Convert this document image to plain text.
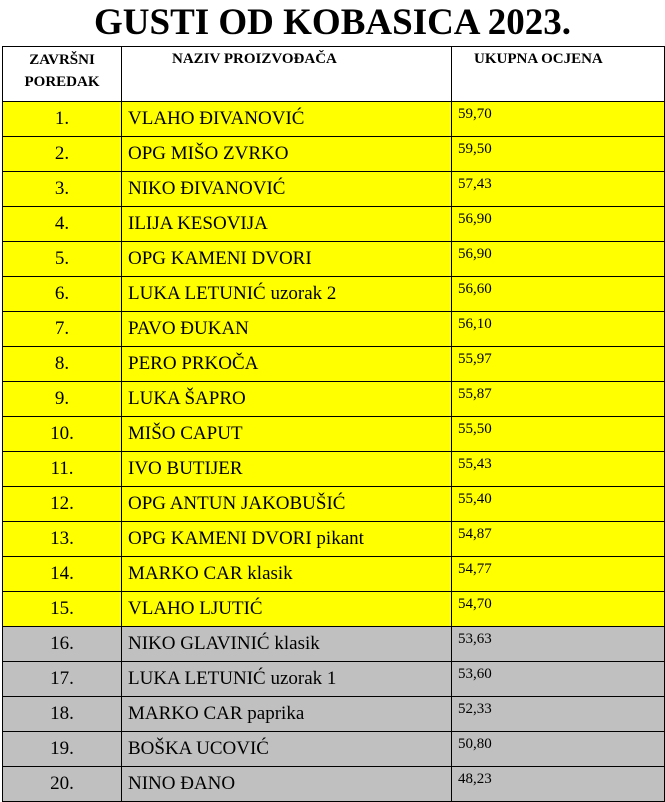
GUSTI OD KOBASICA 2023.
ZAVRŠNI
POREDAK	NAZIV PROIZVOĐAČA	UKUPNA OCJENA
1.	VLAHO ĐIVANOVIĆ	59,70
2.	OPG MIŠO ZVRKO	59,50
3.	NIKO ĐIVANOVIĆ	57,43
4.	ILIJA KESOVIJA	56,90
5.	OPG KAMENI DVORI	56,90
6.	LUKA LETUNIĆ uzorak 2	56,60
7.	PAVO ĐUKAN	56,10
8.	PERO PRKOČA	55,97
9.	LUKA ŠAPRO	55,87
10.	MIŠO CAPUT	55,50
11.	IVO BUTIJER	55,43
12.	OPG ANTUN JAKOBUŠIĆ	55,40
13.	OPG KAMENI DVORI pikant	54,87
14.	MARKO CAR klasik	54,77
15.	VLAHO LJUTIĆ	54,70
16.	NIKO GLAVINIĆ klasik	53,63
17.	LUKA LETUNIĆ uzorak 1	53,60
18.	MARKO CAR paprika	52,33
19.	BOŠKA UCOVIĆ	50,80
20.	NINO ĐANO	48,23
